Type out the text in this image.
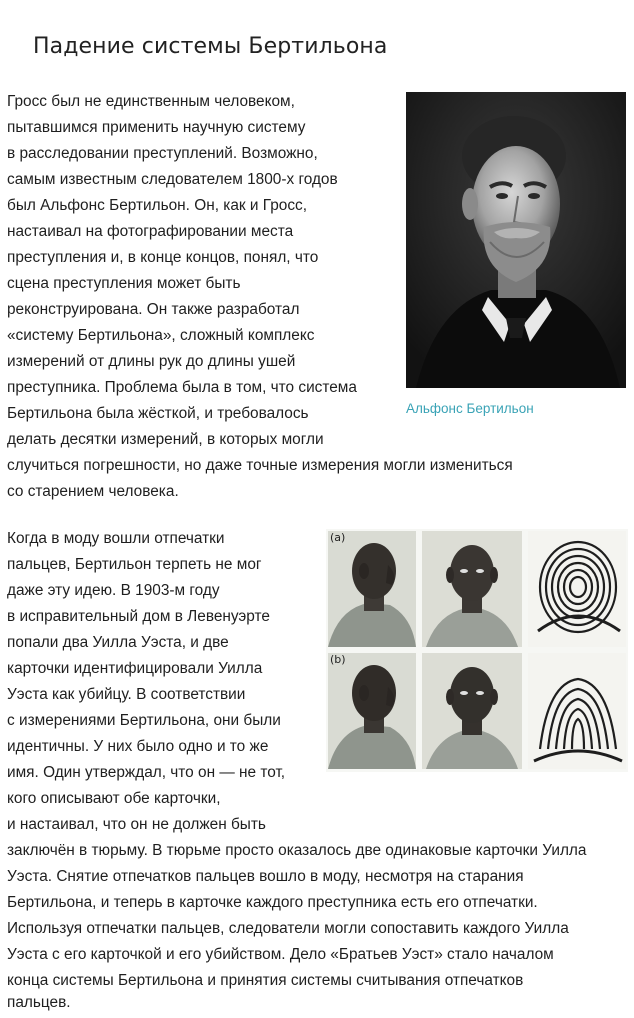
Падение системы Бертильона
Гросс был не единственным человеком,
пытавшимся применить научную систему
в расследовании преступлений. Возможно,
самым известным следователем 1800-х годов
был Альфонс Бертильон. Он, как и Гросс,
настаивал на фотографировании места
преступления и, в конце концов, понял, что
сцена преступления может быть
реконструирована. Он также разработал
«систему Бертильона», сложный комплекс
измерений от длины рук до длины ушей
преступника. Проблема была в том, что система
Бертильона была жёсткой, и требовалось
делать десятки измерений, в которых могли
случиться погрешности, но даже точные измерения могли измениться
со старением человека.
Альфонс Бертильон
Когда в моду вошли отпечатки
пальцев, Бертильон терпеть не мог
даже эту идею. В 1903-м году
в исправительный дом в Левенуэрте
попали два Уилла Уэста, и две
карточки идентифицировали Уилла
Уэста как убийцу. В соответствии
с измерениями Бертильона, они были
идентичны. У них было одно и то же
имя. Один утверждал, что он — не тот,
кого описывают обе карточки,
и настаивал, что он не должен быть
заключён в тюрьму. В тюрьме просто оказалось две одинаковые карточки Уилла
Уэста. Снятие отпечатков пальцев вошло в моду, несмотря на старания
Бертильона, и теперь в карточке каждого преступника есть его отпечатки.
Используя отпечатки пальцев, следователи могли сопоставить каждого Уилла
Уэста с его карточкой и его убийством. Дело «Братьев Уэст» стало началом
конца системы Бертильона и принятия системы считывания отпечатков
пальцев.
(a)
(b)
